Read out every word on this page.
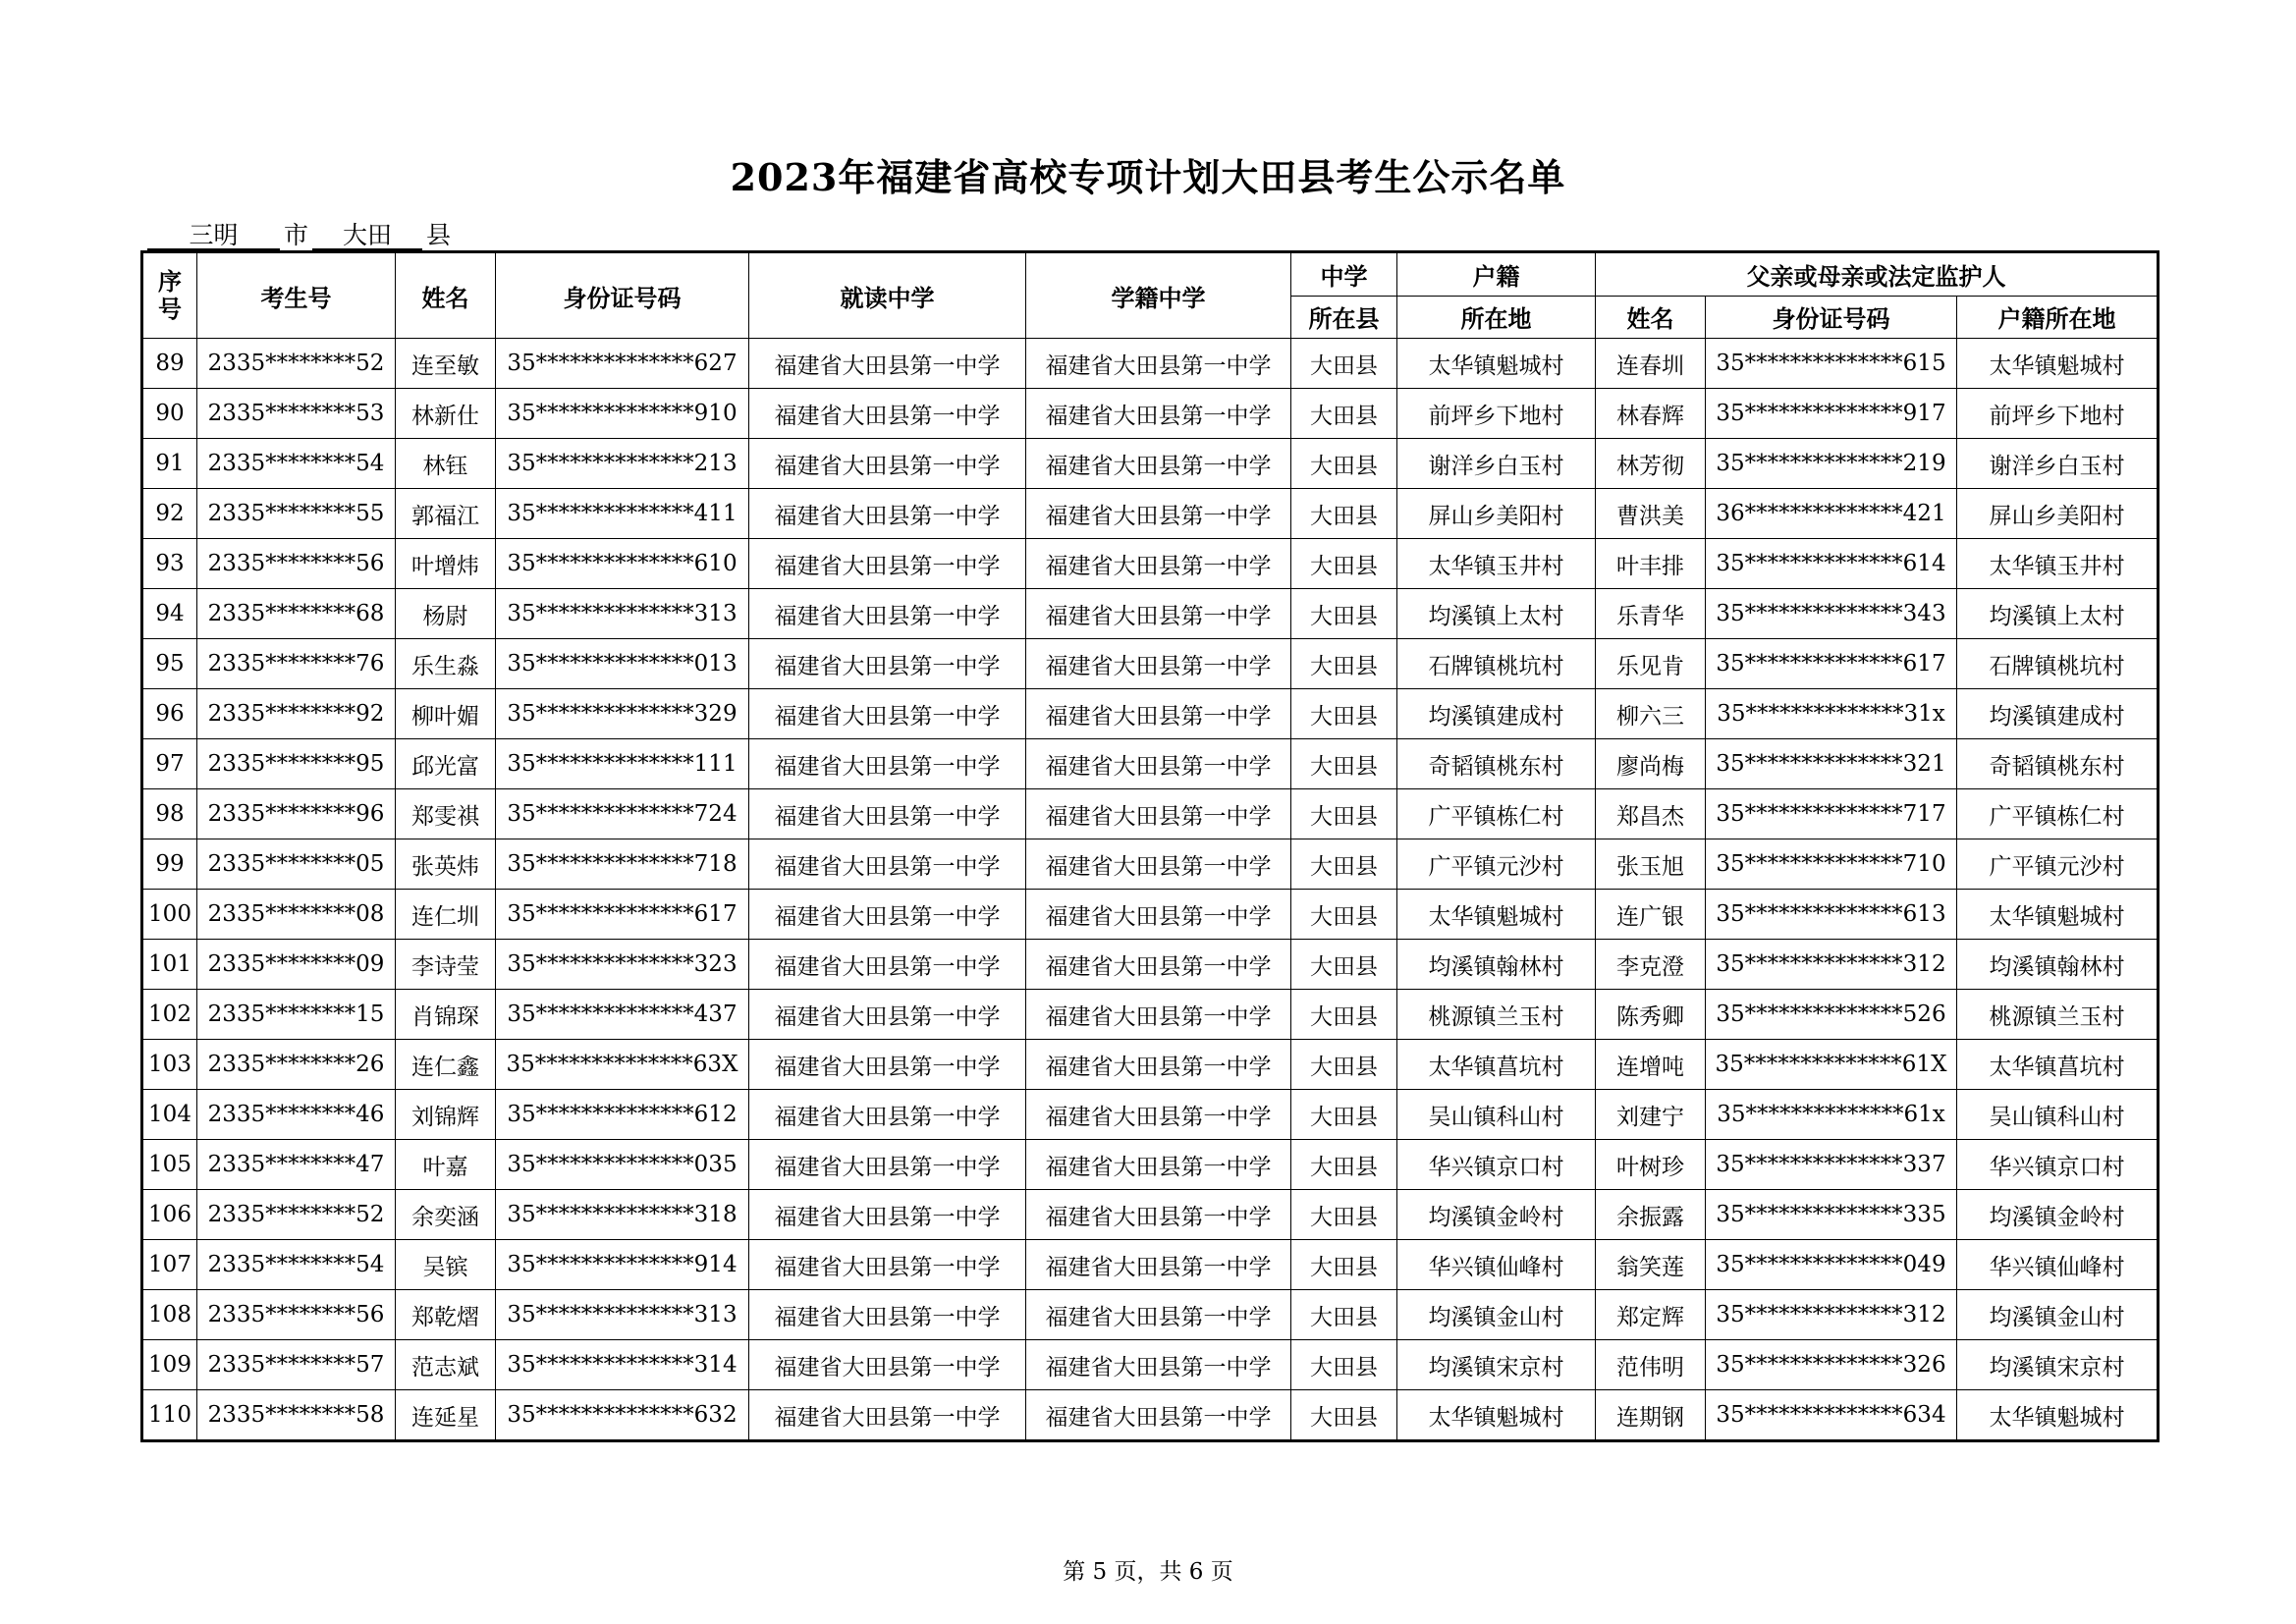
2023年福建省高校专项计划大田县考生公示名单
三明 市 大田 县
序
号	考生号	姓名	身份证号码	就读中学	学籍中学	中学	户籍	父亲或母亲或法定监护人		
						所在县	所在地	姓名	身份证号码	户籍所在地
89	2335********52	连至敏	35**************627	福建省大田县第一中学	福建省大田县第一中学	大田县	太华镇魁城村	连春圳	35**************615	太华镇魁城村
90	2335********53	林新仕	35**************910	福建省大田县第一中学	福建省大田县第一中学	大田县	前坪乡下地村	林春辉	35**************917	前坪乡下地村
91	2335********54	林钰	35**************213	福建省大田县第一中学	福建省大田县第一中学	大田县	谢洋乡白玉村	林芳彻	35**************219	谢洋乡白玉村
92	2335********55	郭福江	35**************411	福建省大田县第一中学	福建省大田县第一中学	大田县	屏山乡美阳村	曹洪美	36**************421	屏山乡美阳村
93	2335********56	叶增炜	35**************610	福建省大田县第一中学	福建省大田县第一中学	大田县	太华镇玉井村	叶丰排	35**************614	太华镇玉井村
94	2335********68	杨尉	35**************313	福建省大田县第一中学	福建省大田县第一中学	大田县	均溪镇上太村	乐青华	35**************343	均溪镇上太村
95	2335********76	乐生淼	35**************013	福建省大田县第一中学	福建省大田县第一中学	大田县	石牌镇桃坑村	乐见肯	35**************617	石牌镇桃坑村
96	2335********92	柳叶媚	35**************329	福建省大田县第一中学	福建省大田县第一中学	大田县	均溪镇建成村	柳六三	35**************31x	均溪镇建成村
97	2335********95	邱光富	35**************111	福建省大田县第一中学	福建省大田县第一中学	大田县	奇韬镇桃东村	廖尚梅	35**************321	奇韬镇桃东村
98	2335********96	郑雯祺	35**************724	福建省大田县第一中学	福建省大田县第一中学	大田县	广平镇栋仁村	郑昌杰	35**************717	广平镇栋仁村
99	2335********05	张英炜	35**************718	福建省大田县第一中学	福建省大田县第一中学	大田县	广平镇元沙村	张玉旭	35**************710	广平镇元沙村
100	2335********08	连仁圳	35**************617	福建省大田县第一中学	福建省大田县第一中学	大田县	太华镇魁城村	连广银	35**************613	太华镇魁城村
101	2335********09	李诗莹	35**************323	福建省大田县第一中学	福建省大田县第一中学	大田县	均溪镇翰林村	李克澄	35**************312	均溪镇翰林村
102	2335********15	肖锦琛	35**************437	福建省大田县第一中学	福建省大田县第一中学	大田县	桃源镇兰玉村	陈秀卿	35**************526	桃源镇兰玉村
103	2335********26	连仁鑫	35**************63X	福建省大田县第一中学	福建省大田县第一中学	大田县	太华镇菖坑村	连增吨	35**************61X	太华镇菖坑村
104	2335********46	刘锦辉	35**************612	福建省大田县第一中学	福建省大田县第一中学	大田县	吴山镇科山村	刘建宁	35**************61x	吴山镇科山村
105	2335********47	叶嘉	35**************035	福建省大田县第一中学	福建省大田县第一中学	大田县	华兴镇京口村	叶树珍	35**************337	华兴镇京口村
106	2335********52	余奕涵	35**************318	福建省大田县第一中学	福建省大田县第一中学	大田县	均溪镇金岭村	余振露	35**************335	均溪镇金岭村
107	2335********54	吴镔	35**************914	福建省大田县第一中学	福建省大田县第一中学	大田县	华兴镇仙峰村	翁笑莲	35**************049	华兴镇仙峰村
108	2335********56	郑乾熠	35**************313	福建省大田县第一中学	福建省大田县第一中学	大田县	均溪镇金山村	郑定辉	35**************312	均溪镇金山村
109	2335********57	范志斌	35**************314	福建省大田县第一中学	福建省大田县第一中学	大田县	均溪镇宋京村	范伟明	35**************326	均溪镇宋京村
110	2335********58	连延星	35**************632	福建省大田县第一中学	福建省大田县第一中学	大田县	太华镇魁城村	连期钢	35**************634	太华镇魁城村
第 5 页，共 6 页
